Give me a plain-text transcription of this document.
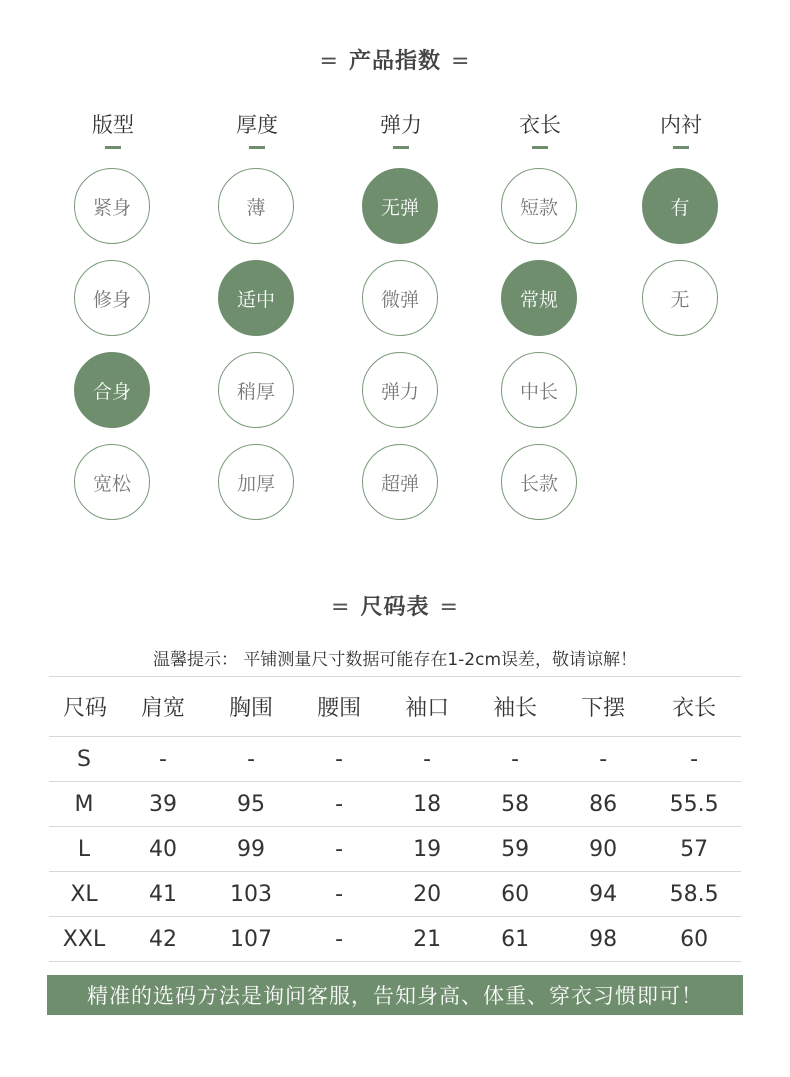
= 产品指数 =
版型
紧身
修身
合身
宽松
厚度
薄
适中
稍厚
加厚
弹力
无弹
微弹
弹力
超弹
衣长
短款
常规
中长
长款
内衬
有
无
= 尺码表 =
温馨提示： 平铺测量尺寸数据可能存在1-2cm误差，敬请谅解！
尺码	肩宽	胸围	腰围	袖口	袖长	下摆	衣长
S	-	-	-	-	-	-	-
M	39	95	-	18	58	86	55.5
L	40	99	-	19	59	90	57
XL	41	103	-	20	60	94	58.5
XXL	42	107	-	21	61	98	60
精准的选码方法是询问客服，告知身高、体重、穿衣习惯即可！
